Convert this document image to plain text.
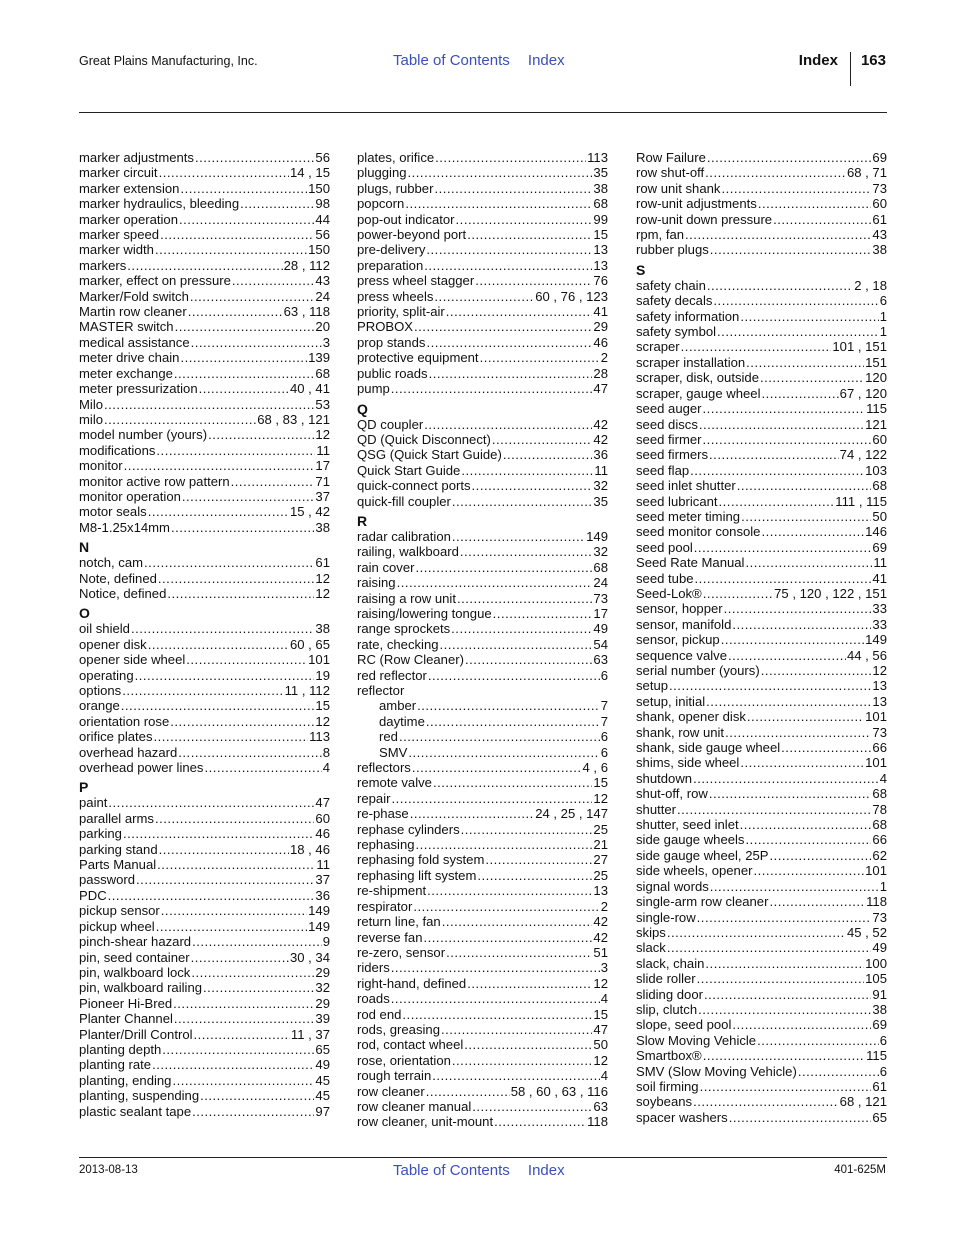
Great Plains Manufacturing, Inc.	Table of Contents Index	Index 163
marker adjustments .....	56
marker circuit .....	14 , 15
marker extension .....	150
marker hydraulics, bleeding .....	98
marker operation .....	44
marker speed .....	56
marker width .....	150
markers .....	28 , 112
marker, effect on pressure .....	43
Marker/Fold switch .....	24
Martin row cleaner .....	63 , 118
MASTER switch .....	20
medical assistance .....	3
meter drive chain .....	139
meter exchange .....	68
meter pressurization .....	40 , 41
Milo .....	53
milo .....	68 , 83 , 121
model number (yours) .....	12
modifications .....	11
monitor .....	17
monitor active row pattern .....	71
monitor operation .....	37
motor seals .....	15 , 42
M8-1.25x14mm .....	38
N
notch, cam .....	61
Note, defined .....	12
Notice, defined .....	12
O
oil shield .....	38
opener disk .....	60 , 65
opener side wheel .....	101
operating .....	19
options .....	11 , 112
orange .....	15
orientation rose .....	12
orifice plates .....	113
overhead hazard .....	8
overhead power lines .....	4
P
paint .....	47
parallel arms .....	60
parking .....	46
parking stand .....	18 , 46
Parts Manual .....	11
password .....	37
PDC .....	36
pickup sensor .....	149
pickup wheel .....	149
pinch-shear hazard .....	9
pin, seed container .....	30 , 34
pin, walkboard lock .....	29
pin, walkboard railing .....	32
Pioneer Hi-Bred .....	29
Planter Channel .....	39
Planter/Drill Control .....	11 , 37
planting depth .....	65
planting rate .....	49
planting, ending .....	45
planting, suspending .....	45
plastic sealant tape .....	97
plates, orifice .....	113
plugging .....	35
plugs, rubber .....	38
popcorn .....	68
pop-out indicator .....	99
power-beyond port .....	15
pre-delivery .....	13
preparation .....	13
press wheel stagger .....	76
press wheels .....	60 , 76 , 123
priority, split-air .....	41
PROBOX .....	29
prop stands .....	46
protective equipment .....	2
public roads .....	28
pump .....	47
Q
QD coupler .....	42
QD (Quick Disconnect) .....	42
QSG (Quick Start Guide) .....	36
Quick Start Guide .....	11
quick-connect ports .....	32
quick-fill coupler .....	35
R
radar calibration .....	149
railing, walkboard .....	32
rain cover .....	68
raising .....	24
raising a row unit .....	73
raising/lowering tongue .....	17
range sprockets .....	49
rate, checking .....	54
RC (Row Cleaner) .....	63
red reflector .....	6
reflector
amber .....	7
daytime .....	7
red .....	6
SMV .....	6
reflectors .....	4 , 6
remote valve .....	15
repair .....	12
re-phase .....	24 , 25 , 147
rephase cylinders .....	25
rephasing .....	21
rephasing fold system .....	27
rephasing lift system .....	25
re-shipment .....	13
respirator .....	2
return line, fan .....	42
reverse fan .....	42
re-zero, sensor .....	51
riders .....	3
right-hand, defined .....	12
roads .....	4
rod end .....	15
rods, greasing .....	47
rod, contact wheel .....	50
rose, orientation .....	12
rough terrain .....	4
row cleaner .....	58 , 60 , 63 , 116
row cleaner manual .....	63
row cleaner, unit-mount .....	118
Row Failure .....	69
row shut-off .....	68 , 71
row unit shank .....	73
row-unit adjustments .....	60
row-unit down pressure .....	61
rpm, fan .....	43
rubber plugs .....	38
S
safety chain .....	2 , 18
safety decals .....	6
safety information .....	1
safety symbol .....	1
scraper .....	101 , 151
scraper installation .....	151
scraper, disk, outside .....	120
scraper, gauge wheel .....	67 , 120
seed auger .....	115
seed discs .....	121
seed firmer .....	60
seed firmers .....	74 , 122
seed flap .....	103
seed inlet shutter .....	68
seed lubricant .....	111 , 115
seed meter timing .....	50
seed monitor console .....	146
seed pool .....	69
Seed Rate Manual .....	11
seed tube .....	41
Seed-Lok® .....	75 , 120 , 122 , 151
sensor, hopper .....	33
sensor, manifold .....	33
sensor, pickup .....	149
sequence valve .....	44 , 56
serial number (yours) .....	12
setup .....	13
setup, initial .....	13
shank, opener disk .....	101
shank, row unit .....	73
shank, side gauge wheel .....	66
shims, side wheel .....	101
shutdown .....	4
shut-off, row .....	68
shutter .....	78
shutter, seed inlet .....	68
side gauge wheels .....	66
side gauge wheel, 25P .....	62
side wheels, opener .....	101
signal words .....	1
single-arm row cleaner .....	118
single-row .....	73
skips .....	45 , 52
slack .....	49
slack, chain .....	100
slide roller .....	105
sliding door .....	91
slip, clutch .....	38
slope, seed pool .....	69
Slow Moving Vehicle .....	6
Smartbox® .....	115
SMV (Slow Moving Vehicle) .....	6
soil firming .....	61
soybeans .....	68 , 121
spacer washers .....	65
2013-08-13	Table of Contents Index	401-625M
